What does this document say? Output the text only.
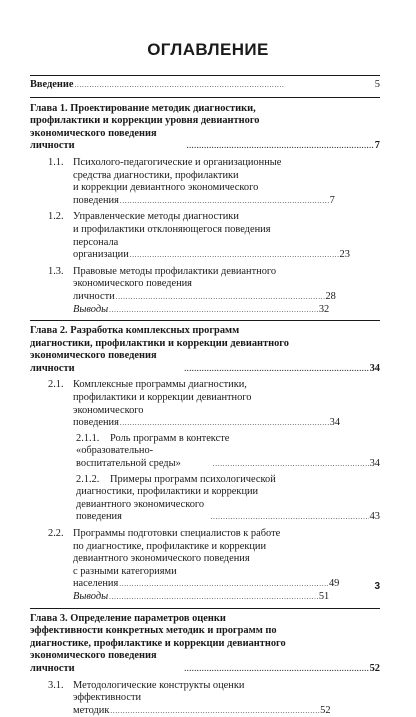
ОГЛАВЛЕНИЕ
Введение . . .	5
Глава 1. Проектирование методик диагностики,
профилактики и коррекции уровня девиантного
экономического поведения личности . . .	7
1.1. Психолого-педагогические и организационные
средства диагностики, профилактики
и коррекции девиантного экономического поведения . . .	7
1.2. Управленческие методы диагностики
и профилактики отклоняющегося поведения
персонала организации . . .	23
1.3. Правовые методы профилактики девиантного
экономического поведения личности . . .	28
Выводы . . .	32
Глава 2. Разработка комплексных программ
диагностики, профилактики и коррекции девиантного
экономического поведения личности . . .	34
2.1. Комплексные программы диагностики,
профилактики и коррекции девиантного
экономического поведения . . .	34
2.1.1. Роль программ в контексте
«образовательно-воспитательной среды» . . .	34
2.1.2. Примеры программ психологической
диагностики, профилактики и коррекции
девиантного экономического поведения . . .	43
2.2. Программы подготовки специалистов к работе
по диагностике, профилактике и коррекции
девиантного экономического поведения
с разными категориями населения . . .	49
Выводы . . .	51
Глава 3. Определение параметров оценки
эффективности конкретных методик и программ по
диагностике, профилактике и коррекции девиантного
экономического поведения личности . . .	52
3.1. Методологические конструкты оценки
эффективности методик . . .	52
3
